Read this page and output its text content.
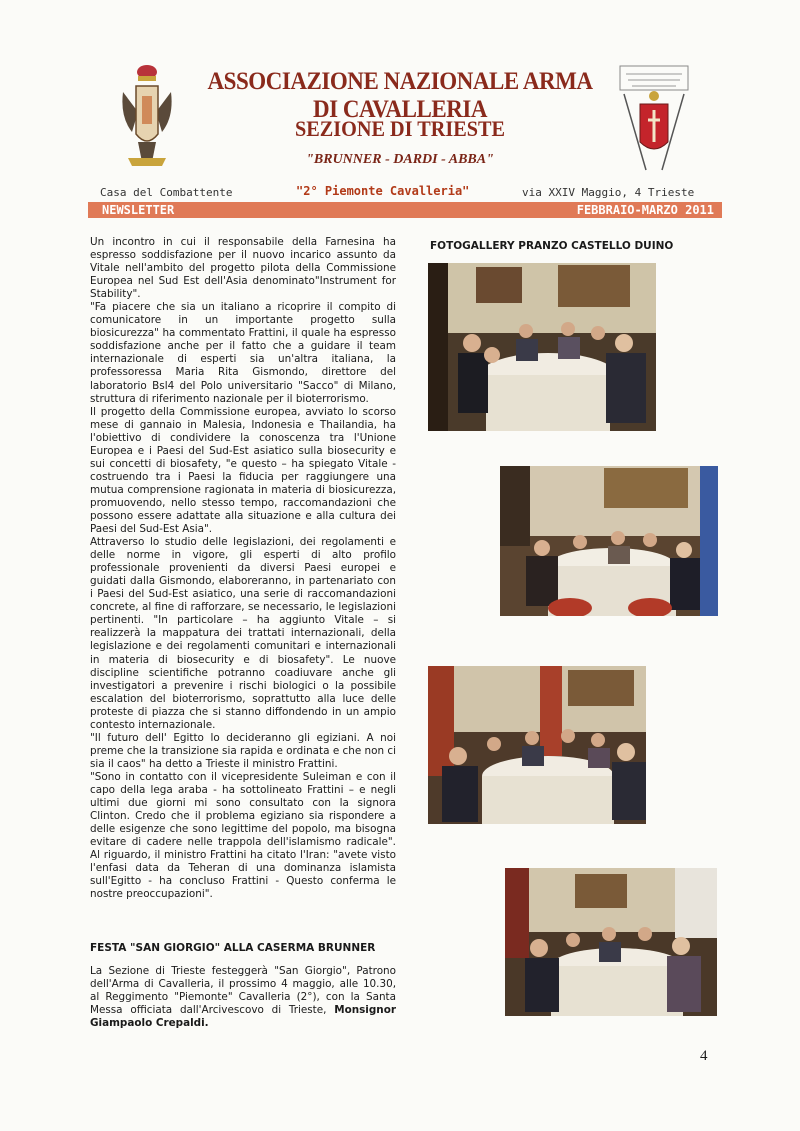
ASSOCIAZIONE NAZIONALE ARMA DI CAVALLERIA
SEZIONE DI TRIESTE
"BRUNNER - DARDI - ABBA"
Casa del Combattente	"2° Piemonte Cavalleria"	via XXIV Maggio, 4 Trieste
NEWSLETTER	FEBBRAIO-MARZO 2011

Un incontro in cui il responsabile della Farnesina ha espresso soddisfazione per il nuovo incarico assunto da Vitale nell'ambito del progetto pilota della Commissione Europea nel Sud Est dell'Asia denominato"Instrument for Stability".

"Fa piacere che sia un italiano a ricoprire il compito di comunicatore in un importante progetto sulla biosicurezza" ha commentato Frattini, il quale ha espresso soddisfazione anche per il fatto che a guidare il team internazionale di esperti sia un'altra italiana, la professoressa Maria Rita Gismondo, direttore del laboratorio Bsl4 del Polo universitario "Sacco" di Milano, struttura di riferimento nazionale per il bioterrorismo.

Il progetto della Commissione europea, avviato lo scorso mese di gannaio in Malesia, Indonesia e Thailandia, ha l'obiettivo di condividere la conoscenza tra l'Unione Europea e i Paesi del Sud-Est asiatico sulla biosecurity e sui concetti di biosafety, "e questo – ha spiegato Vitale - costruendo tra i Paesi la fiducia per raggiungere una mutua comprensione ragionata in materia di biosicurezza, promuovendo, nello stesso tempo, raccomandazioni che possono essere adattate alla situazione e alla cultura dei Paesi del Sud-Est Asia".

Attraverso lo studio delle legislazioni, dei regolamenti e delle norme in vigore, gli esperti di alto profilo professionale provenienti da diversi Paesi europei e guidati dalla Gismondo, elaboreranno, in partenariato con i Paesi del Sud-Est asiatico, una serie di raccomandazioni concrete, al fine di rafforzare, se necessario, le legislazioni pertinenti. "In particolare – ha aggiunto Vitale – si realizzerà la mappatura dei trattati internazionali, della legislazione e dei regolamenti comunitari e internazionali in materia di biosecurity e di biosafety". Le nuove discipline scientifiche potranno coadiuvare anche gli investigatori a prevenire i rischi biologici o la possibile escalation del bioterrorismo, soprattutto alla luce delle proteste di piazza che si stanno diffondendo in un ampio contesto internazionale.

"Il futuro dell' Egitto lo decideranno gli egiziani. A noi preme che la transizione sia rapida e ordinata e che non ci sia il caos" ha detto a Trieste il ministro Frattini.

"Sono in contatto con il vicepresidente Suleiman e con il capo della lega araba - ha sottolineato Frattini – e negli ultimi due giorni mi sono consultato con la signora Clinton. Credo che il problema egiziano sia rispondere a delle esigenze che sono legittime del popolo, ma bisogna evitare di cadere nelle trappola dell'islamismo radicale". Al riguardo, il ministro Frattini ha citato l'Iran: "avete visto l'enfasi data da Teheran di una dominanza islamista sull'Egitto - ha concluso Frattini - Questo conferma le nostre preoccupazioni".

FESTA "SAN GIORGIO" ALLA CASERMA BRUNNER
La Sezione di Trieste festeggerà "San Giorgio", Patrono dell'Arma di Cavalleria, il prossimo 4 maggio, alle 10.30, al Reggimento "Piemonte" Cavalleria (2°), con la Santa Messa officiata dall'Arcivescovo di Trieste, Monsignor Giampaolo Crepaldi.
FOTOGALLERY PRANZO CASTELLO DUINO
4
